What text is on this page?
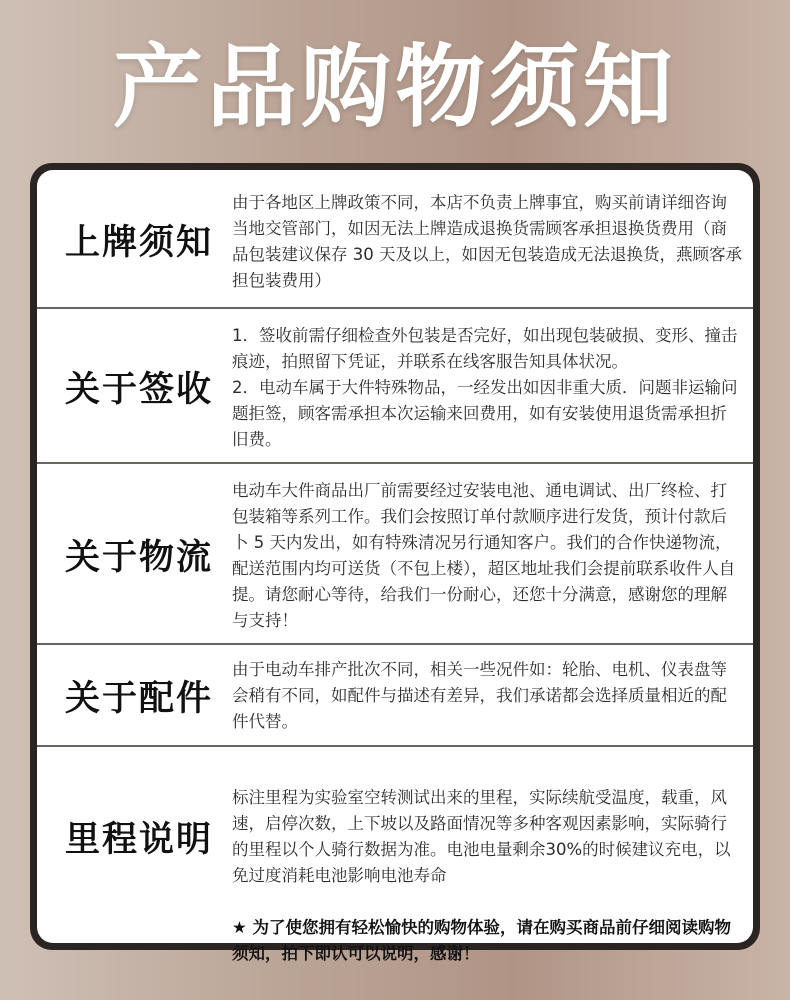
产品购物须知
上牌须知
由于各地区上牌政策不同，本店不负责上牌事宜，购买前请详细咨询当地交管部门，如因无法上牌造成退换货需顾客承担退换货费用（商品包装建议保存 30 天及以上，如因无包装造成无法退换货，燕顾客承担包装费用）
关于签收
1．签收前需仔细检查外包装是否完好，如出现包装破损、变形、撞击痕迹，拍照留下凭证，并联系在线客服告知具体状况。
2．电动车属于大件特殊物品，一经发出如因非重大质．问题非运输问题拒签，顾客需承担本次运输来回费用，如有安装使用退货需承担折旧费。
关于物流
电动车大件商品出厂前需要经过安装电池、通电调试、出厂终检、打包装箱等系列工作。我们会按照订单付款顺序进行发货，预计付款后卜 5 天内发出，如有特殊清况另行通知客户。我们的合作快递物流，配送范围内均可送货（不包上楼），超区地址我们会提前联系收件人自提。请您耐心等待，给我们一份耐心，还您十分满意，感谢您的理解与支持！
关于配件
由于电动车排产批次不同，相关一些况件如：轮胎、电机、仪表盘等会稍有不同，如配件与描述有差异，我们承诺都会选择质量相近的配件代替。
里程说明

标注里程为实验室空转测试出来的里程，实际续航受温度，载重，风速，启停次数，上下坡以及路面情况等多种客观因素影响，实际骑行的里程以个人骑行数据为准。电池电量剩余30%的时候建议充电，以免过度消耗电池影响电池寿命

★ 为了使您拥有轻松愉快的购物体验，请在购买商品前仔细阅读购物须知，拍下即认可以说明，感谢！
